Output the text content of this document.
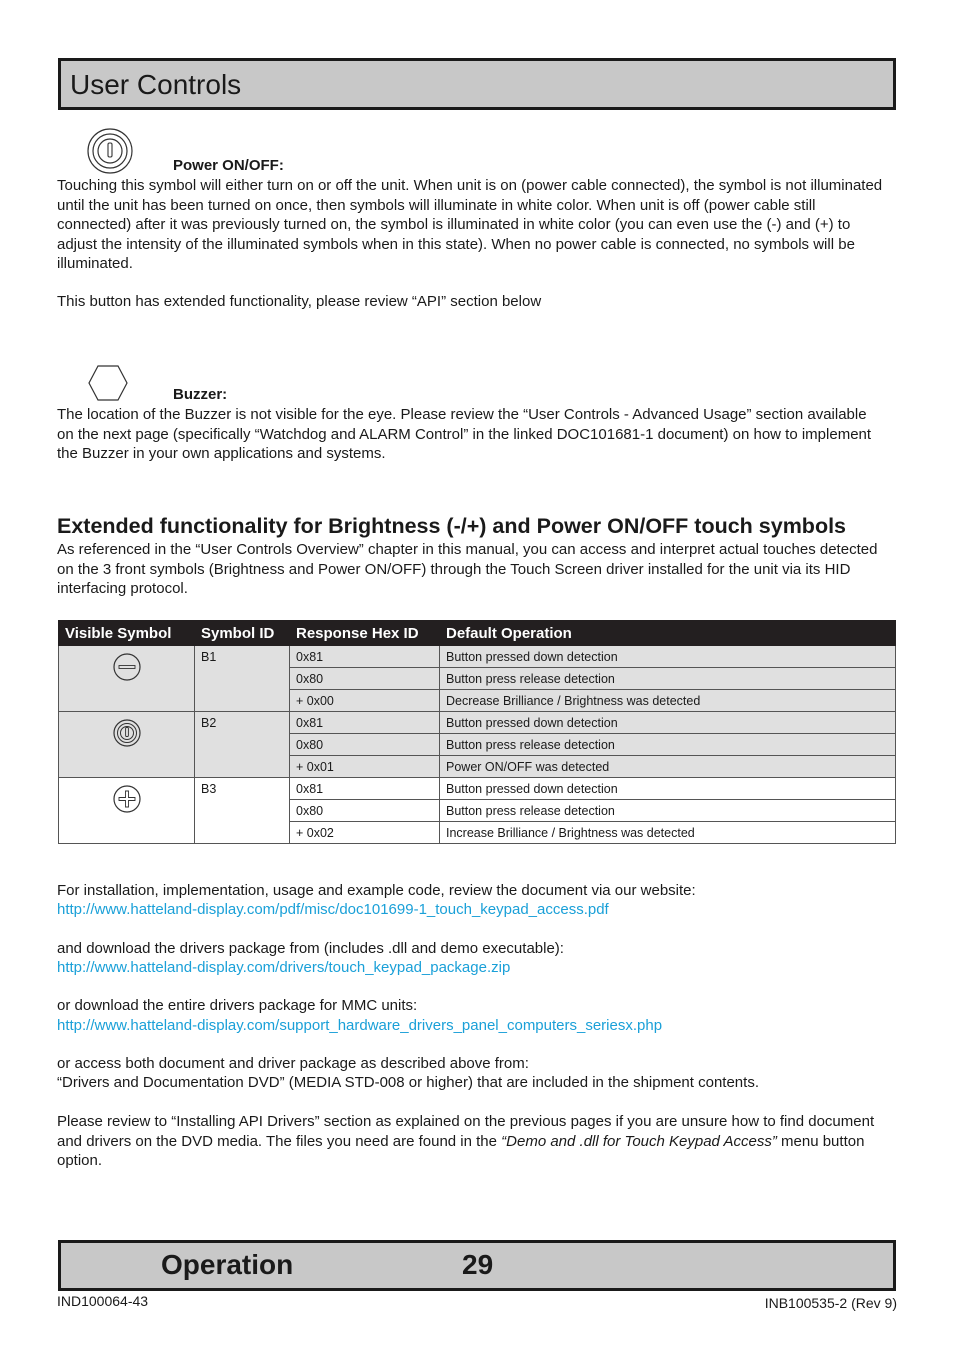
User Controls
Power ON/OFF:

Touching this symbol will either turn on or off the unit. When unit is on (power cable connected), the symbol is not illuminated until the unit has been turned on once, then symbols will illuminate in white color. When unit is off (power cable still connected) after it was previously turned on, the symbol is illuminated in white color (you can even use the (-) and (+) to adjust the intensity of the illuminated symbols when in this state). When no power cable is connected, no symbols will be illuminated.

This button has extended functionality, please review “API” section below

Buzzer:

The location of the Buzzer is not visible for the eye. Please review the “User Controls - Advanced Usage” section available on the next page (specifically “Watchdog and ALARM Control” in the linked DOC101681-1 document) on how to implement the Buzzer in your own applications and systems.

Extended functionality for Brightness (-/+) and Power ON/OFF touch symbols

As referenced in the “User Controls Overview” chapter in this manual, you can access and interpret actual touches detected on the 3 front symbols (Brightness and Power ON/OFF) through the Touch Screen driver installed for the unit via its HID interfacing protocol.

Visible Symbol	Symbol ID	Response Hex ID	Default Operation
	B1	0x81	Button pressed down detection
		0x80	Button press release detection
		+ 0x00	Decrease Brilliance / Brightness was detected
	B2	0x81	Button pressed down detection
		0x80	Button press release detection
		+ 0x01	Power ON/OFF was detected
	B3	0x81	Button pressed down detection
		0x80	Button press release detection
		+ 0x02	Increase Brilliance / Brightness was detected

For installation, implementation, usage and example code, review the document via our website:

http://www.hatteland-display.com/pdf/misc/doc101699-1_touch_keypad_access.pdf

and download the drivers package from (includes .dll and demo executable):

http://www.hatteland-display.com/drivers/touch_keypad_package.zip

or download the entire drivers package for MMC units:

http://www.hatteland-display.com/support_hardware_drivers_panel_computers_seriesx.php

or access both document and driver package as described above from:

“Drivers and Documentation DVD” (MEDIA STD-008 or higher) that are included in the shipment contents.

Please review to “Installing API Drivers” section as explained on the previous pages if you are unsure how to find document and drivers on the DVD media. The files you need are found in the “Demo and .dll for Touch Keypad Access” menu button option.

Operation	29
IND100064-43	INB100535-2 (Rev 9)
